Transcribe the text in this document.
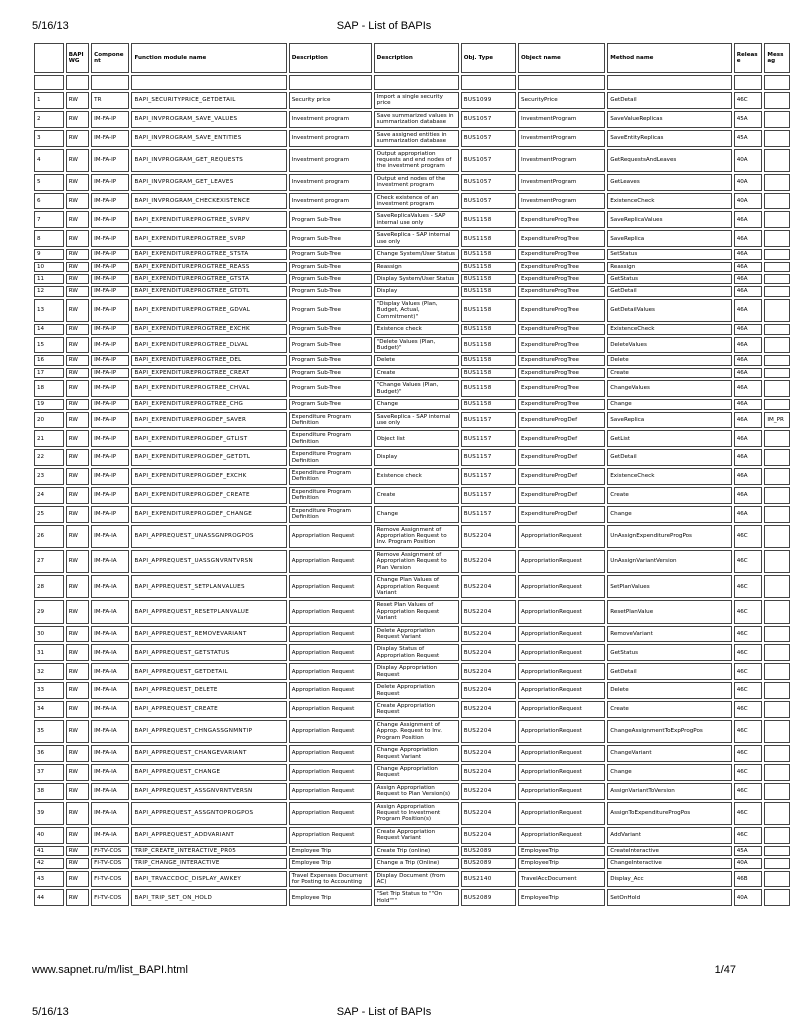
5/16/13	SAP - List of BAPIs
	BAPI WG	Component	Function module name	Description	Description	Obj. Type	Object name	Method name	Release	Messag

1	RW	TR	BAPI_SECURITYPRICE_GETDETAIL	Security price	Import a single security price	BUS1099	SecurityPrice	GetDetail	46C	
2	RW	IM-FA-IP	BAPI_INVPROGRAM_SAVE_VALUES	Investment program	Save summarized values in summarization database	BUS1057	InvestmentProgram	SaveValueReplicas	45A	
3	RW	IM-FA-IP	BAPI_INVPROGRAM_SAVE_ENTITIES	Investment program	Save assigned entities in summarization database	BUS1057	InvestmentProgram	SaveEntityReplicas	45A	
4	RW	IM-FA-IP	BAPI_INVPROGRAM_GET_REQUESTS	Investment program	Output appropriation requests and end nodes of the investment program	BUS1057	InvestmentProgram	GetRequestsAndLeaves	40A	
5	RW	IM-FA-IP	BAPI_INVPROGRAM_GET_LEAVES	Investment program	Output end nodes of the investment program	BUS1057	InvestmentProgram	GetLeaves	40A	
6	RW	IM-FA-IP	BAPI_INVPROGRAM_CHECKEXISTENCE	Investment program	Check existence of an investment program	BUS1057	InvestmentProgram	ExistenceCheck	40A	
7	RW	IM-FA-IP	BAPI_EXPENDITUREPROGTREE_SVRPV	Program Sub-Tree	SaveReplicaValues - SAP internal use only	BUS1158	ExpenditureProgTree	SaveReplicaValues	46A	
8	RW	IM-FA-IP	BAPI_EXPENDITUREPROGTREE_SVRP	Program Sub-Tree	SaveReplica - SAP internal use only	BUS1158	ExpenditureProgTree	SaveReplica	46A	
9	RW	IM-FA-IP	BAPI_EXPENDITUREPROGTREE_STSTA	Program Sub-Tree	Change System/User Status	BUS1158	ExpenditureProgTree	SetStatus	46A	
10	RW	IM-FA-IP	BAPI_EXPENDITUREPROGTREE_REASS	Program Sub-Tree	Reassign	BUS1158	ExpenditureProgTree	Reassign	46A	
11	RW	IM-FA-IP	BAPI_EXPENDITUREPROGTREE_GTSTA	Program Sub-Tree	Display System/User Status	BUS1158	ExpenditureProgTree	GetStatus	46A	
12	RW	IM-FA-IP	BAPI_EXPENDITUREPROGTREE_GTDTL	Program Sub-Tree	Display	BUS1158	ExpenditureProgTree	GetDetail	46A	
13	RW	IM-FA-IP	BAPI_EXPENDITUREPROGTREE_GDVAL	Program Sub-Tree	"Display Values (Plan, Budget, Actual, Commitment)"	BUS1158	ExpenditureProgTree	GetDetailValues	46A	
14	RW	IM-FA-IP	BAPI_EXPENDITUREPROGTREE_EXCHK	Program Sub-Tree	Existence check	BUS1158	ExpenditureProgTree	ExistenceCheck	46A	
15	RW	IM-FA-IP	BAPI_EXPENDITUREPROGTREE_DLVAL	Program Sub-Tree	"Delete Values (Plan, Budget)"	BUS1158	ExpenditureProgTree	DeleteValues	46A	
16	RW	IM-FA-IP	BAPI_EXPENDITUREPROGTREE_DEL	Program Sub-Tree	Delete	BUS1158	ExpenditureProgTree	Delete	46A	
17	RW	IM-FA-IP	BAPI_EXPENDITUREPROGTREE_CREAT	Program Sub-Tree	Create	BUS1158	ExpenditureProgTree	Create	46A	
18	RW	IM-FA-IP	BAPI_EXPENDITUREPROGTREE_CHVAL	Program Sub-Tree	"Change Values (Plan, Budget)"	BUS1158	ExpenditureProgTree	ChangeValues	46A	
19	RW	IM-FA-IP	BAPI_EXPENDITUREPROGTREE_CHG	Program Sub-Tree	Change	BUS1158	ExpenditureProgTree	Change	46A	
20	RW	IM-FA-IP	BAPI_EXPENDITUREPROGDEF_SAVER	Expenditure Program Definition	SaveReplica - SAP internal use only	BUS1157	ExpenditureProgDef	SaveReplica	46A	IM_PR
21	RW	IM-FA-IP	BAPI_EXPENDITUREPROGDEF_GTLIST	Expenditure Program Definition	Object list	BUS1157	ExpenditureProgDef	GetList	46A	
22	RW	IM-FA-IP	BAPI_EXPENDITUREPROGDEF_GETDTL	Expenditure Program Definition	Display	BUS1157	ExpenditureProgDef	GetDetail	46A	
23	RW	IM-FA-IP	BAPI_EXPENDITUREPROGDEF_EXCHK	Expenditure Program Definition	Existence check	BUS1157	ExpenditureProgDef	ExistenceCheck	46A	
24	RW	IM-FA-IP	BAPI_EXPENDITUREPROGDEF_CREATE	Expenditure Program Definition	Create	BUS1157	ExpenditureProgDef	Create	46A	
25	RW	IM-FA-IP	BAPI_EXPENDITUREPROGDEF_CHANGE	Expenditure Program Definition	Change	BUS1157	ExpenditureProgDef	Change	46A	
26	RW	IM-FA-IA	BAPI_APPREQUEST_UNASSGNPROGPOS	Appropriation Request	Remove Assignment of Appropriation Request to Inv. Program Position	BUS2204	AppropriationRequest	UnAssignExpenditureProgPos	46C	
27	RW	IM-FA-IA	BAPI_APPREQUEST_UASSGNVRNTVRSN	Appropriation Request	Remove Assignment of Appropriation Request to Plan Version	BUS2204	AppropriationRequest	UnAssignVariantVersion	46C	
28	RW	IM-FA-IA	BAPI_APPREQUEST_SETPLANVALUES	Appropriation Request	Change Plan Values of Appropriation Request Variant	BUS2204	AppropriationRequest	SetPlanValues	46C	
29	RW	IM-FA-IA	BAPI_APPREQUEST_RESETPLANVALUE	Appropriation Request	Reset Plan Values of Appropriation Request Variant	BUS2204	AppropriationRequest	ResetPlanValue	46C	
30	RW	IM-FA-IA	BAPI_APPREQUEST_REMOVEVARIANT	Appropriation Request	Delete Appropriation Request Variant	BUS2204	AppropriationRequest	RemoveVariant	46C	
31	RW	IM-FA-IA	BAPI_APPREQUEST_GETSTATUS	Appropriation Request	Display Status of Appropriation Request	BUS2204	AppropriationRequest	GetStatus	46C	
32	RW	IM-FA-IA	BAPI_APPREQUEST_GETDETAIL	Appropriation Request	Display Appropriation Request	BUS2204	AppropriationRequest	GetDetail	46C	
33	RW	IM-FA-IA	BAPI_APPREQUEST_DELETE	Appropriation Request	Delete Appropriation Request	BUS2204	AppropriationRequest	Delete	46C	
34	RW	IM-FA-IA	BAPI_APPREQUEST_CREATE	Appropriation Request	Create Appropriation Request	BUS2204	AppropriationRequest	Create	46C	
35	RW	IM-FA-IA	BAPI_APPREQUEST_CHNGASSGNMNTIP	Appropriation Request	Change Assignment of Approp. Request to Inv. Program Position	BUS2204	AppropriationRequest	ChangeAssignmentToExpProgPos	46C	
36	RW	IM-FA-IA	BAPI_APPREQUEST_CHANGEVARIANT	Appropriation Request	Change Appropriation Request Variant	BUS2204	AppropriationRequest	ChangeVariant	46C	
37	RW	IM-FA-IA	BAPI_APPREQUEST_CHANGE	Appropriation Request	Change Appropriation Request	BUS2204	AppropriationRequest	Change	46C	
38	RW	IM-FA-IA	BAPI_APPREQUEST_ASSGNVRNTVERSN	Appropriation Request	Assign Appropriation Request to Plan Version(s)	BUS2204	AppropriationRequest	AssignVariantToVersion	46C	
39	RW	IM-FA-IA	BAPI_APPREQUEST_ASSGNTOPROGPOS	Appropriation Request	Assign Appropriation Request to Investment Program Position(s)	BUS2204	AppropriationRequest	AssignToExpenditureProgPos	46C	
40	RW	IM-FA-IA	BAPI_APPREQUEST_ADDVARIANT	Appropriation Request	Create Appropriation Request Variant	BUS2204	AppropriationRequest	AddVariant	46C	
41	RW	FI-TV-COS	TRIP_CREATE_INTERACTIVE_PR05	Employee Trip	Create Trip (online)	BUS2089	EmployeeTrip	CreateInteractive	45A	
42	RW	FI-TV-COS	TRIP_CHANGE_INTERACTIVE	Employee Trip	Change a Trip (Online)	BUS2089	EmployeeTrip	ChangeInteractive	40A	
43	RW	FI-TV-COS	BAPI_TRVACCDOC_DISPLAY_AWKEY	Travel Expenses Document for Posting to Accounting	Display Document (from AC)	BUS2140	TravelAccDocument	Display_Acc	46B	
44	RW	FI-TV-COS	BAPI_TRIP_SET_ON_HOLD	Employee Trip	"Set Trip Status to ""On Hold"""	BUS2089	EmployeeTrip	SetOnHold	40A	
www.sapnet.ru/m/list_BAPI.html	1/47
5/16/13	SAP - List of BAPIs
